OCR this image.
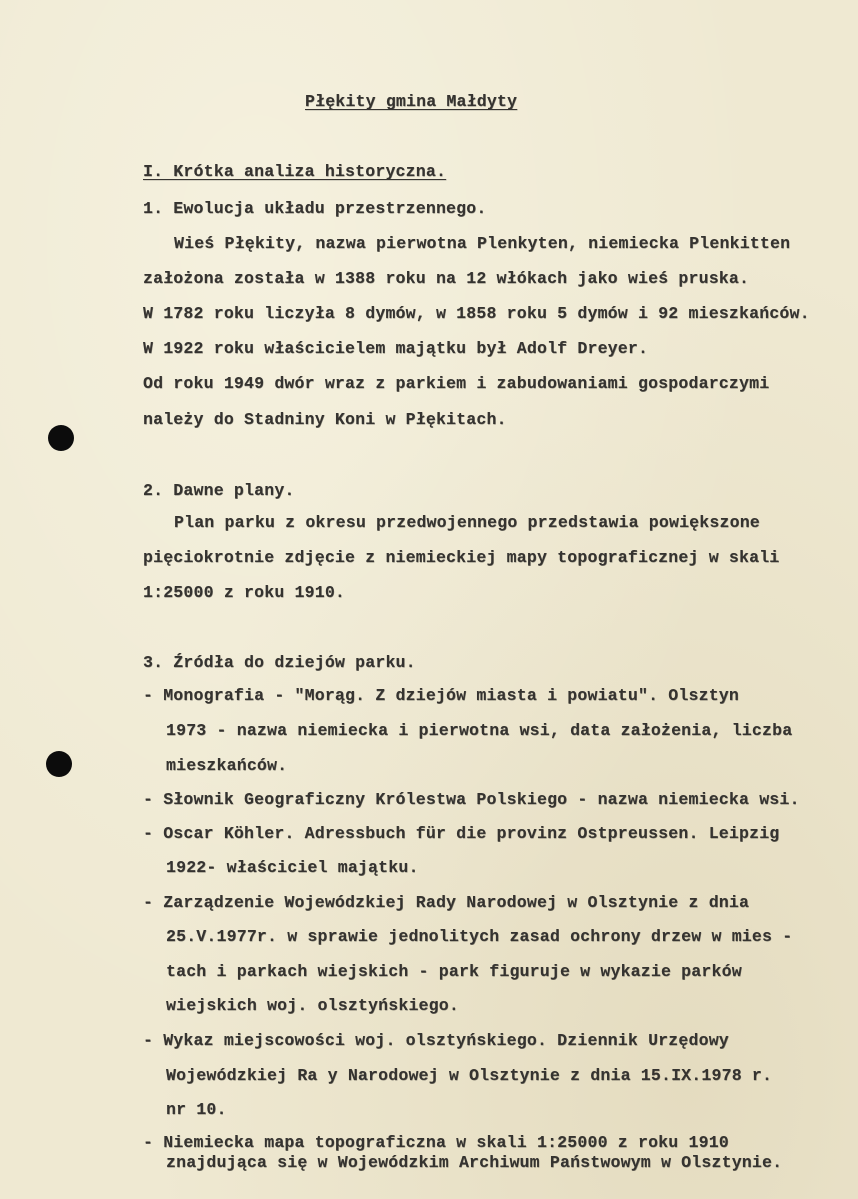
Płękity gmina Małdyty
I. Krótka analiza historyczna.
1. Ewolucja układu przestrzennego.
Wieś Płękity, nazwa pierwotna Plenkyten, niemiecka Plenkitten
założona została w 1388 roku na 12 włókach jako wieś pruska.
W 1782 roku liczyła 8 dymów, w 1858 roku 5 dymów i 92 mieszkańców.
W 1922 roku właścicielem majątku był Adolf Dreyer.
Od roku 1949 dwór wraz z parkiem i zabudowaniami gospodarczymi
należy do Stadniny Koni w Płękitach.
2. Dawne plany.
Plan parku z okresu przedwojennego przedstawia powiększone
pięciokrotnie zdjęcie z niemieckiej mapy topograficznej w skali
1:25000 z roku 1910.
3. Źródła do dziejów parku.
- Monografia - "Morąg. Z dziejów miasta i powiatu". Olsztyn
1973 - nazwa niemiecka i pierwotna wsi, data założenia, liczba
mieszkańców.
- Słownik Geograficzny Królestwa Polskiego - nazwa niemiecka wsi.
- Oscar Köhler. Adressbuch für die provinz Ostpreussen. Leipzig
1922- właściciel majątku.
- Zarządzenie Wojewódzkiej Rady Narodowej w Olsztynie z dnia
25.V.1977r. w sprawie jednolitych zasad ochrony drzew w mies -
tach i parkach wiejskich - park figuruje w wykazie parków
wiejskich woj. olsztyńskiego.
- Wykaz miejscowości woj. olsztyńskiego. Dziennik Urzędowy
Wojewódzkiej Ra y Narodowej w Olsztynie z dnia 15.IX.1978 r.
nr 10.
- Niemiecka mapa topograficzna w skali 1:25000 z roku 1910
znajdująca się w Wojewódzkim Archiwum Państwowym w Olsztynie.
